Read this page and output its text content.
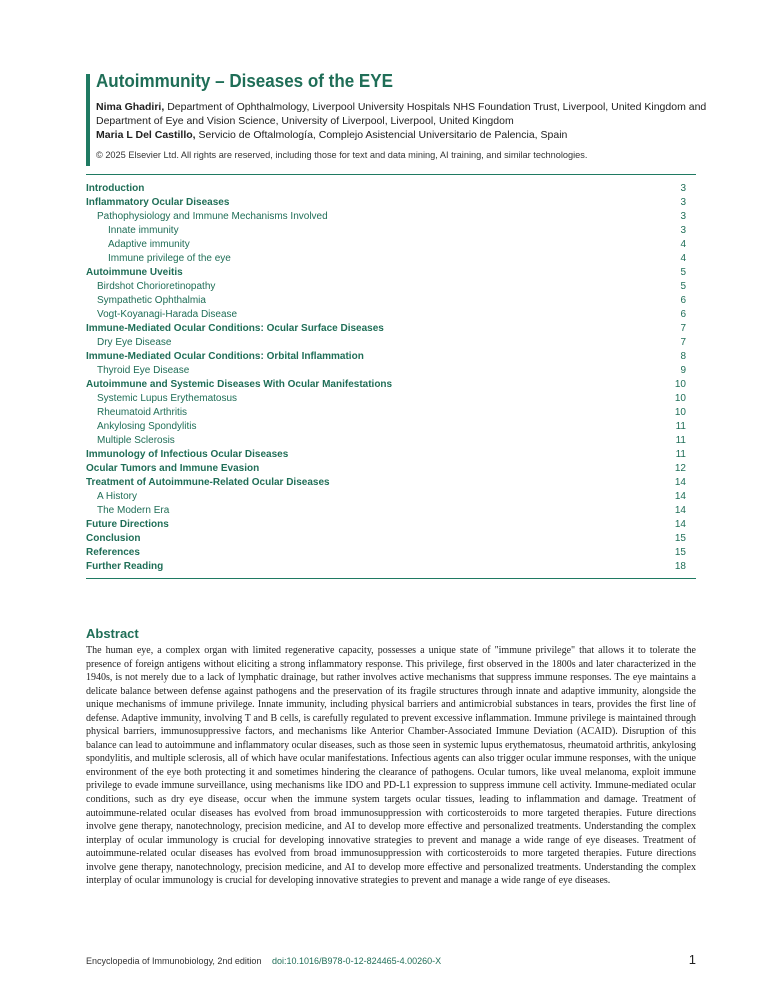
Autoimmunity – Diseases of the EYE
Nima Ghadiri, Department of Ophthalmology, Liverpool University Hospitals NHS Foundation Trust, Liverpool, United Kingdom and Department of Eye and Vision Science, University of Liverpool, Liverpool, United Kingdom
Maria L Del Castillo, Servicio de Oftalmología, Complejo Asistencial Universitario de Palencia, Spain
© 2025 Elsevier Ltd. All rights are reserved, including those for text and data mining, AI training, and similar technologies.
Introduction	3
Inflammatory Ocular Diseases	3
Pathophysiology and Immune Mechanisms Involved	3
Innate immunity	3
Adaptive immunity	4
Immune privilege of the eye	4
Autoimmune Uveitis	5
Birdshot Chorioretinopathy	5
Sympathetic Ophthalmia	6
Vogt-Koyanagi-Harada Disease	6
Immune-Mediated Ocular Conditions: Ocular Surface Diseases	7
Dry Eye Disease	7
Immune-Mediated Ocular Conditions: Orbital Inflammation	8
Thyroid Eye Disease	9
Autoimmune and Systemic Diseases With Ocular Manifestations	10
Systemic Lupus Erythematosus	10
Rheumatoid Arthritis	10
Ankylosing Spondylitis	11
Multiple Sclerosis	11
Immunology of Infectious Ocular Diseases	11
Ocular Tumors and Immune Evasion	12
Treatment of Autoimmune-Related Ocular Diseases	14
A History	14
The Modern Era	14
Future Directions	14
Conclusion	15
References	15
Further Reading	18
Abstract
The human eye, a complex organ with limited regenerative capacity, possesses a unique state of "immune privilege" that allows it to tolerate the presence of foreign antigens without eliciting a strong inflammatory response. This privilege, first observed in the 1800s and later characterized in the 1940s, is not merely due to a lack of lymphatic drainage, but rather involves active mechanisms that suppress immune responses. The eye maintains a delicate balance between defense against pathogens and the preservation of its fragile structures through innate and adaptive immunity, alongside the unique mechanisms of immune privilege. Innate immunity, including physical barriers and antimicrobial substances in tears, provides the first line of defense. Adaptive immunity, involving T and B cells, is carefully regulated to prevent excessive inflammation. Immune privilege is maintained through physical barriers, immunosuppressive factors, and mechanisms like Anterior Chamber-Associated Immune Deviation (ACAID). Disruption of this balance can lead to autoimmune and inflammatory ocular diseases, such as those seen in systemic lupus erythematosus, rheumatoid arthritis, ankylosing spondylitis, and multiple sclerosis, all of which have ocular manifestations. Infectious agents can also trigger ocular immune responses, with the unique environment of the eye both protecting it and sometimes hindering the clearance of pathogens. Ocular tumors, like uveal melanoma, exploit immune privilege to evade immune surveillance, using mechanisms like IDO and PD-L1 expression to suppress immune cell activity. Immune-mediated ocular conditions, such as dry eye disease, occur when the immune system targets ocular tissues, leading to inflammation and damage. Treatment of autoimmune-related ocular diseases has evolved from broad immunosuppression with corticosteroids to more targeted therapies. Future directions involve gene therapy, nanotechnology, precision medicine, and AI to develop more effective and personalized treatments. Understanding the complex interplay of ocular immunology is crucial for developing innovative strategies to prevent and manage a wide range of eye diseases. Treatment of autoimmune-related ocular diseases has evolved from broad immunosuppression with corticosteroids to more targeted therapies. Future directions involve gene therapy, nanotechnology, precision medicine, and AI to develop more effective and personalized treatments. Understanding the complex interplay of ocular immunology is crucial for developing innovative strategies to prevent and manage a wide range of eye diseases.
Encyclopedia of Immunobiology, 2nd edition doi:10.1016/B978-0-12-824465-4.00260-X	1
